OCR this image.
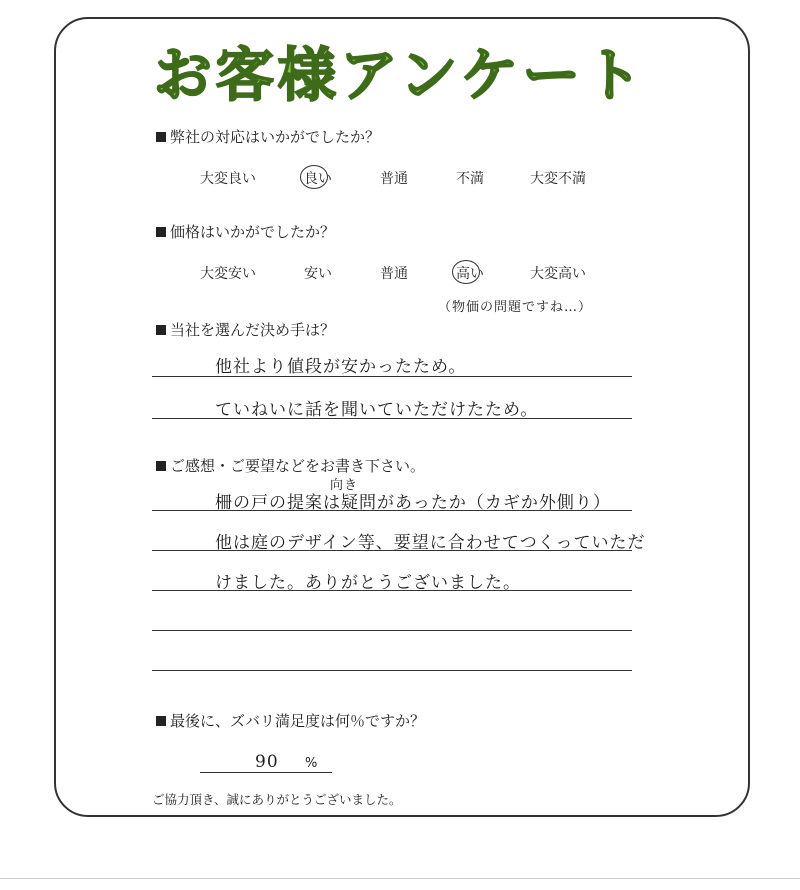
お客様アンケート
弊社の対応はいかがでしたか？
大変良い	良い	普通	不満	大変不満
価格はいかがでしたか？
大変安い	安い	普通	高い	大変高い
（物価の問題ですね…）
当社を選んだ決め手は？
他社より値段が安かったため。
ていねいに話を聞いていただけたため。
ご感想・ご要望などをお書き下さい。
向き
柵の戸の提案は疑問があったか（カギか外側り）
他は庭のデザイン等、要望に合わせてつくっていただ
けました。ありがとうございました。
最後に、ズバリ満足度は何％ですか？
90 %
ご協力頂き、誠にありがとうございました。
